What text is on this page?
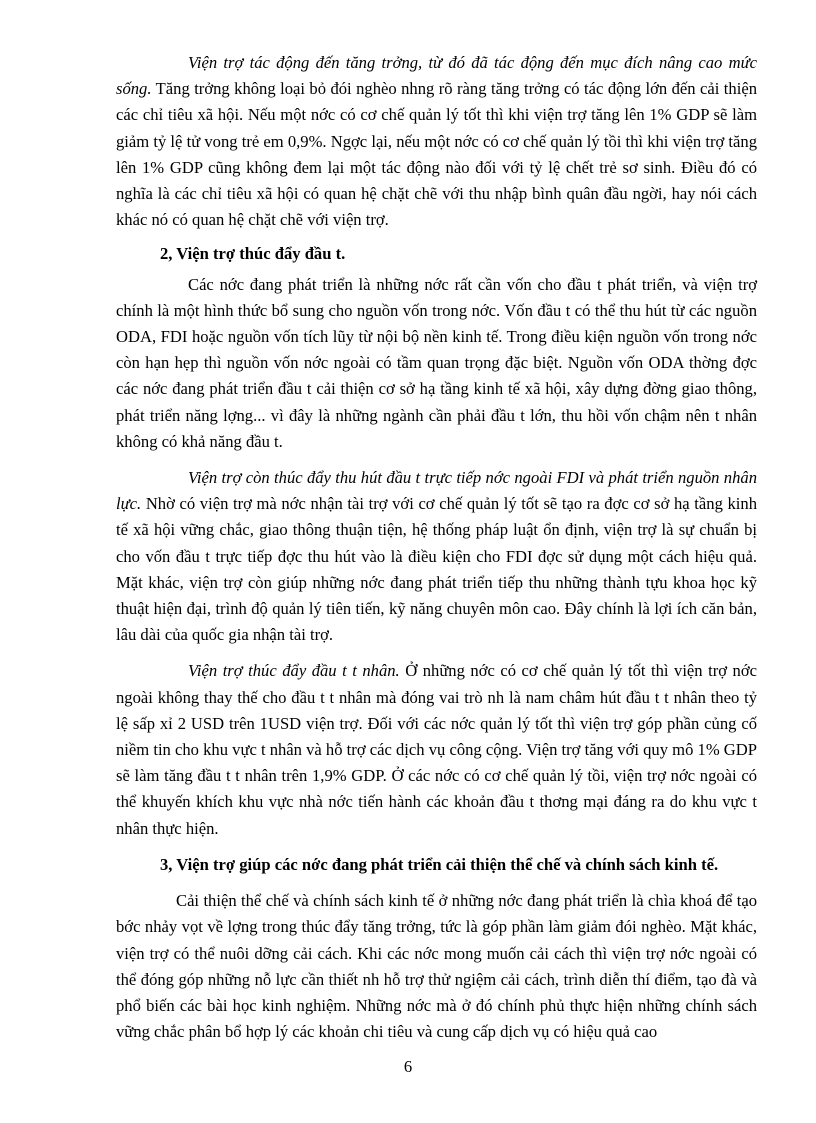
Viện trợ tác động đến tăng trởng, từ đó đã tác động đến mục đích nâng cao mức sống. Tăng trởng không loại bỏ đói nghèo nhng rõ ràng tăng trởng có tác động lớn đến cải thiện các chỉ tiêu xã hội. Nếu một nớc có cơ chế quản lý tốt thì khi viện trợ tăng lên 1% GDP sẽ làm giảm tỷ lệ tử vong trẻ em 0,9%. Ngợc lại, nếu một nớc có cơ chế quản lý tồi thì khi viện trợ tăng lên 1% GDP cũng không đem lại một tác động nào đối với tỷ lệ chết trẻ sơ sinh. Điều đó có nghĩa là các chỉ tiêu xã hội có quan hệ chặt chẽ với thu nhập bình quân đầu ngời, hay nói cách khác nó có quan hệ chặt chẽ với viện trợ.

2, Viện trợ thúc đẩy đầu t.

Các nớc đang phát triển là những nớc rất cần vốn cho đầu t phát triển, và viện trợ chính là một hình thức bổ sung cho nguồn vốn trong nớc. Vốn đầu t có thể thu hút từ các nguồn ODA, FDI hoặc nguồn vốn tích lũy từ nội bộ nền kinh tế. Trong điều kiện nguồn vốn trong nớc còn hạn hẹp thì nguồn vốn nớc ngoài có tầm quan trọng đặc biệt. Nguồn vốn ODA thờng đợc các nớc đang phát triển đầu t cải thiện cơ sở hạ tầng kinh tế xã hội, xây dựng đờng giao thông, phát triển năng lợng... vì đây là những ngành cần phải đầu t lớn, thu hồi vốn chậm nên t nhân không có khả năng đầu t.

Viện trợ còn thúc đẩy thu hút đầu t trực tiếp nớc ngoài FDI và phát triển nguồn nhân lực. Nhờ có viện trợ mà nớc nhận tài trợ với cơ chế quản lý tốt sẽ tạo ra đợc cơ sở hạ tầng kinh tế xã hội vững chắc, giao thông thuận tiện, hệ thống pháp luật ổn định, viện trợ là sự chuẩn bị cho vốn đầu t trực tiếp đợc thu hút vào là điều kiện cho FDI đợc sử dụng một cách hiệu quả. Mặt khác, viện trợ còn giúp những nớc đang phát triển tiếp thu những thành tựu khoa học kỹ thuật hiện đại, trình độ quản lý tiên tiến, kỹ năng chuyên môn cao. Đây chính là lợi ích căn bản, lâu dài của quốc gia nhận tài trợ.

Viện trợ thúc đẩy đầu t t nhân. Ở những nớc có cơ chế quản lý tốt thì viện trợ nớc ngoài không thay thế cho đầu t t nhân mà đóng vai trò nh là nam châm hút đầu t t nhân theo tỷ lệ sấp xỉ 2 USD trên 1USD viện trợ. Đối với các nớc quản lý tốt thì viện trợ góp phần củng cố niềm tin cho khu vực t nhân và hỗ trợ các dịch vụ công cộng. Viện trợ tăng với quy mô 1% GDP sẽ làm tăng đầu t t nhân trên 1,9% GDP. Ở các nớc có cơ chế quản lý tồi, viện trợ nớc ngoài có thể khuyến khích khu vực nhà nớc tiến hành các khoản đầu t thơng mại đáng ra do khu vực t nhân thực hiện.

3, Viện trợ giúp các nớc đang phát triển cải thiện thể chế và chính sách kinh tế.

Cải thiện thể chế và chính sách kinh tế ở những nớc đang phát triển là chìa khoá để tạo bớc nhảy vọt về lợng trong thúc đẩy tăng trởng, tức là góp phần làm giảm đói nghèo. Mặt khác, viện trợ có thể nuôi dỡng cải cách. Khi các nớc mong muốn cải cách thì viện trợ nớc ngoài có thể đóng góp những nỗ lực cần thiết nh hỗ trợ thử ngiệm cải cách, trình diễn thí điểm, tạo đà và phổ biến các bài học kinh nghiệm. Những nớc mà ở đó chính phủ thực hiện những chính sách vững chắc phân bổ hợp lý các khoản chi tiêu và cung cấp dịch vụ có hiệu quả cao

6
